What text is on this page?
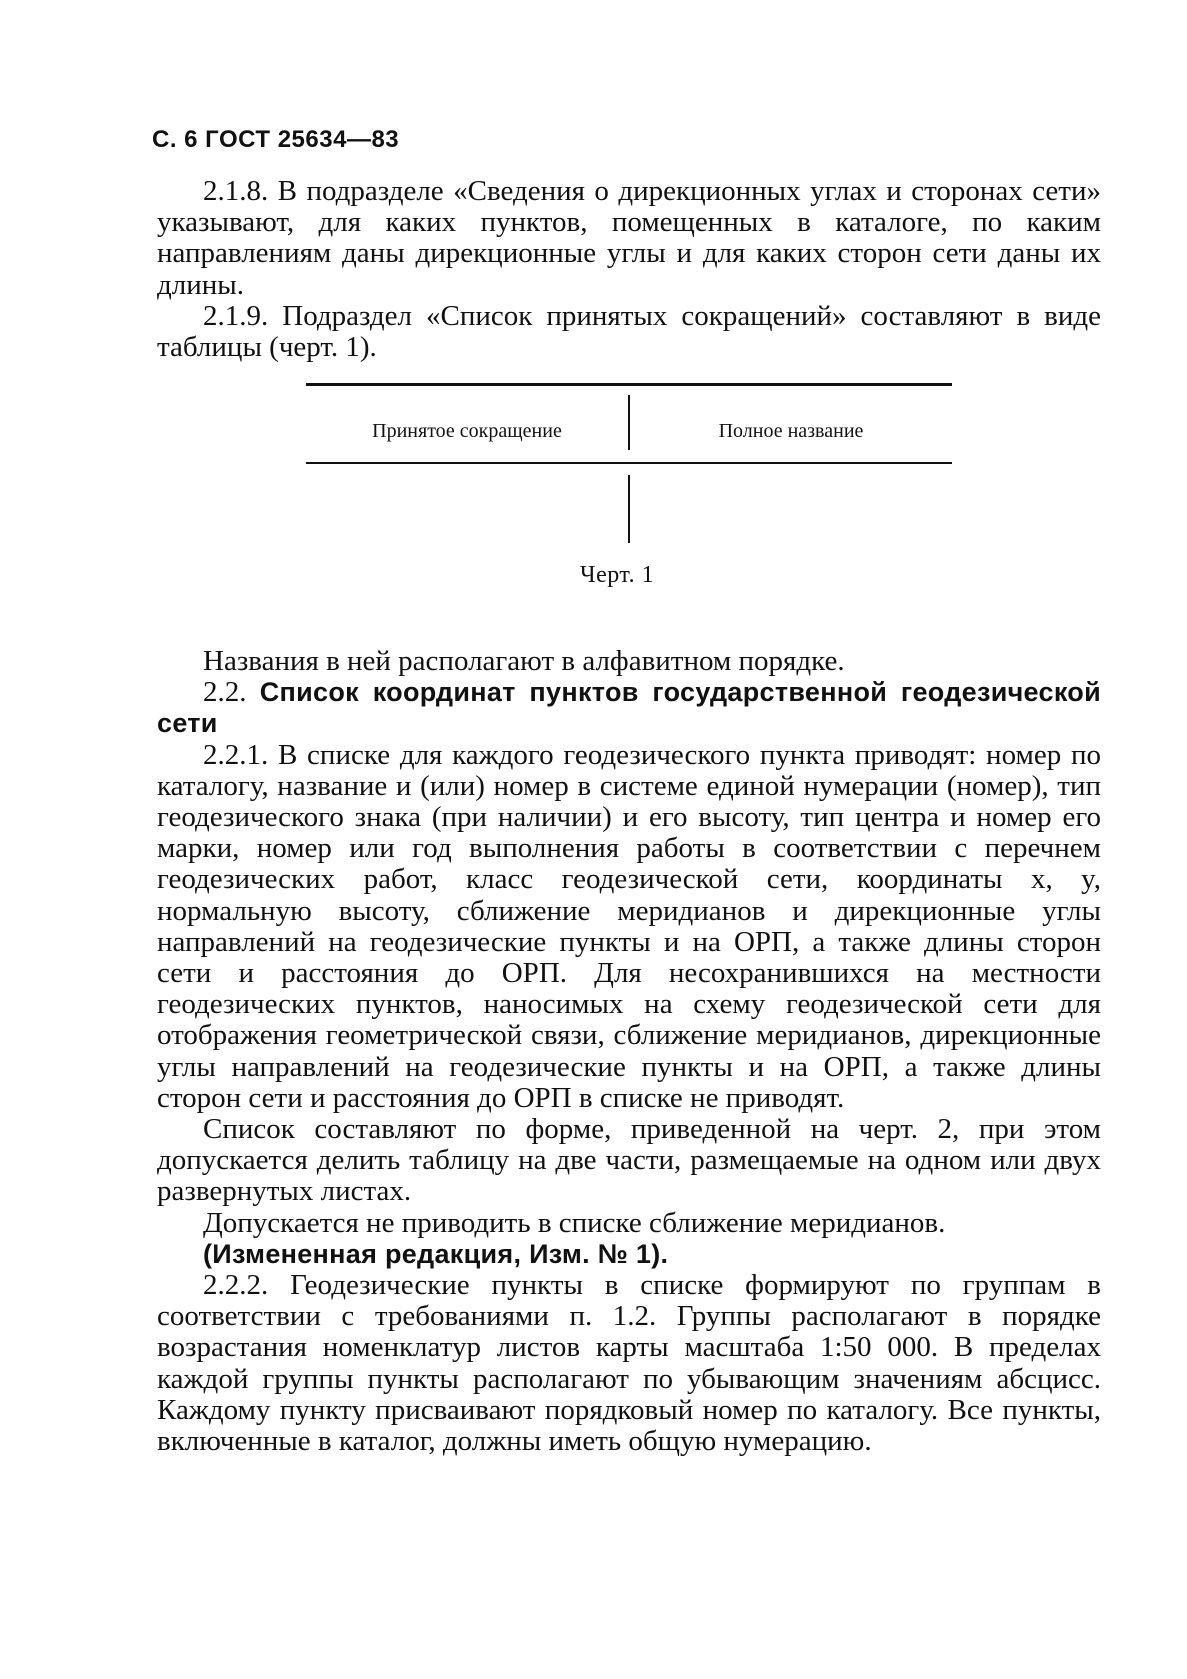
С. 6 ГОСТ 25634—83

2.1.8. В подразделе «Сведения о дирекционных углах и сторонах сети» указывают, для каких пунктов, помещенных в каталоге, по каким направлениям даны дирекционные углы и для каких сторон сети даны их длины.

2.1.9. Подраздел «Список принятых сокращений» составляют в виде таблицы (черт. 1).

Принятое сокращение	Полное название
Черт. 1

Названия в ней располагают в алфавитном порядке.

2.2. Список координат пунктов государственной геодезической сети

2.2.1. В списке для каждого геодезического пункта приводят: номер по каталогу, название и (или) номер в системе единой нумерации (номер), тип геодезического знака (при наличии) и его высоту, тип центра и номер его марки, номер или год выполнения работы в соответствии с перечнем геодезических работ, класс геодезической сети, координаты x, y, нормальную высоту, сближение меридианов и дирекционные углы направлений на геодезические пункты и на ОРП, а также длины сторон сети и расстояния до ОРП. Для несохранившихся на местности геодезических пунктов, наносимых на схему геодезической сети для отображения геометрической связи, сближение меридианов, дирекционные углы направлений на геодезические пункты и на ОРП, а также длины сторон сети и расстояния до ОРП в списке не приводят.

Список составляют по форме, приведенной на черт. 2, при этом допускается делить таблицу на две части, размещаемые на одном или двух развернутых листах.

Допускается не приводить в списке сближение меридианов.

(Измененная редакция, Изм. № 1).

2.2.2. Геодезические пункты в списке формируют по группам в соответствии с требованиями п. 1.2. Группы располагают в порядке возрастания номенклатур листов карты масштаба 1:50 000. В пределах каждой группы пункты располагают по убывающим значениям абсцисс. Каждому пункту присваивают порядковый номер по каталогу. Все пункты, включенные в каталог, должны иметь общую нумерацию.
